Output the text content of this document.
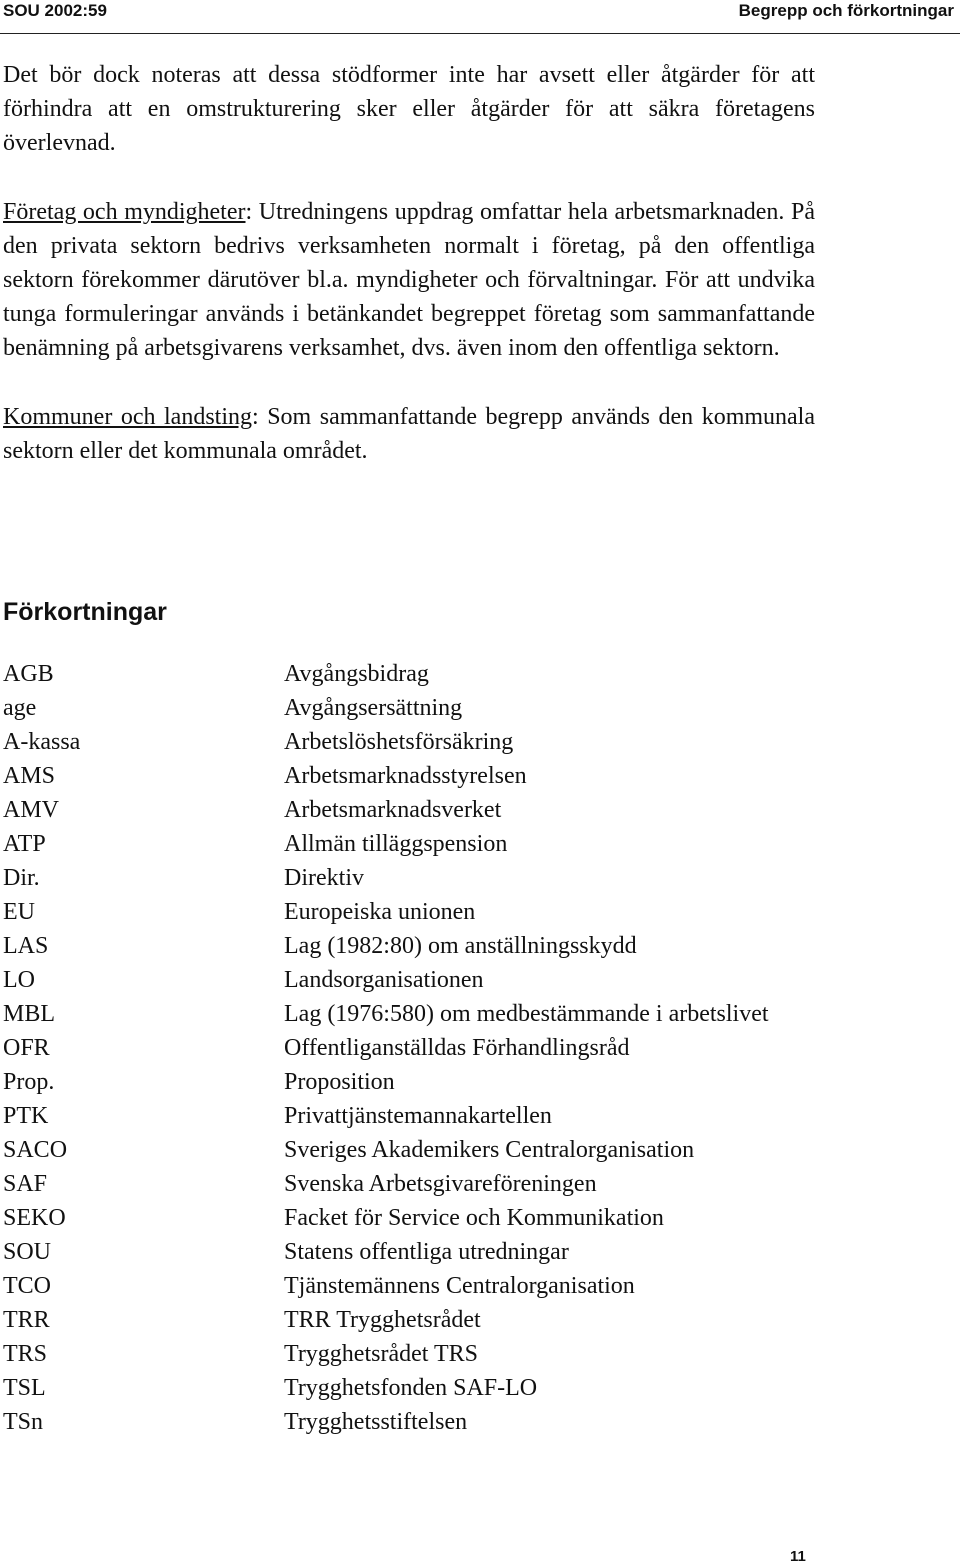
SOU 2002:59	Begrepp och förkortningar

Det bör dock noteras att dessa stödformer inte har avsett eller åtgärder för att förhindra att en omstrukturering sker eller åtgärder för att säkra företagens överlevnad.

Företag och myndigheter: Utredningens uppdrag omfattar hela arbetsmarknaden. På den privata sektorn bedrivs verksamheten normalt i företag, på den offentliga sektorn förekommer därutöver bl.a. myndigheter och förvaltningar. För att undvika tunga formuleringar används i betänkandet begreppet företag som sammanfattande benämning på arbetsgivarens verksamhet, dvs. även inom den offentliga sektorn.

Kommuner och landsting: Som sammanfattande begrepp används den kommunala sektorn eller det kommunala området.

Förkortningar
AGB	Avgångsbidrag
age	Avgångsersättning
A-kassa	Arbetslöshetsförsäkring
AMS	Arbetsmarknadsstyrelsen
AMV	Arbetsmarknadsverket
ATP	Allmän tilläggspension
Dir.	Direktiv
EU	Europeiska unionen
LAS	Lag (1982:80) om anställningsskydd
LO	Landsorganisationen
MBL	Lag (1976:580) om medbestämmande i arbetslivet
OFR	Offentliganställdas Förhandlingsråd
Prop.	Proposition
PTK	Privattjänstemannakartellen
SACO	Sveriges Akademikers Centralorganisation
SAF	Svenska Arbetsgivareföreningen
SEKO	Facket för Service och Kommunikation
SOU	Statens offentliga utredningar
TCO	Tjänstemännens Centralorganisation
TRR	TRR Trygghetsrådet
TRS	Trygghetsrådet TRS
TSL	Trygghetsfonden SAF-LO
TSn	Trygghetsstiftelsen
11
